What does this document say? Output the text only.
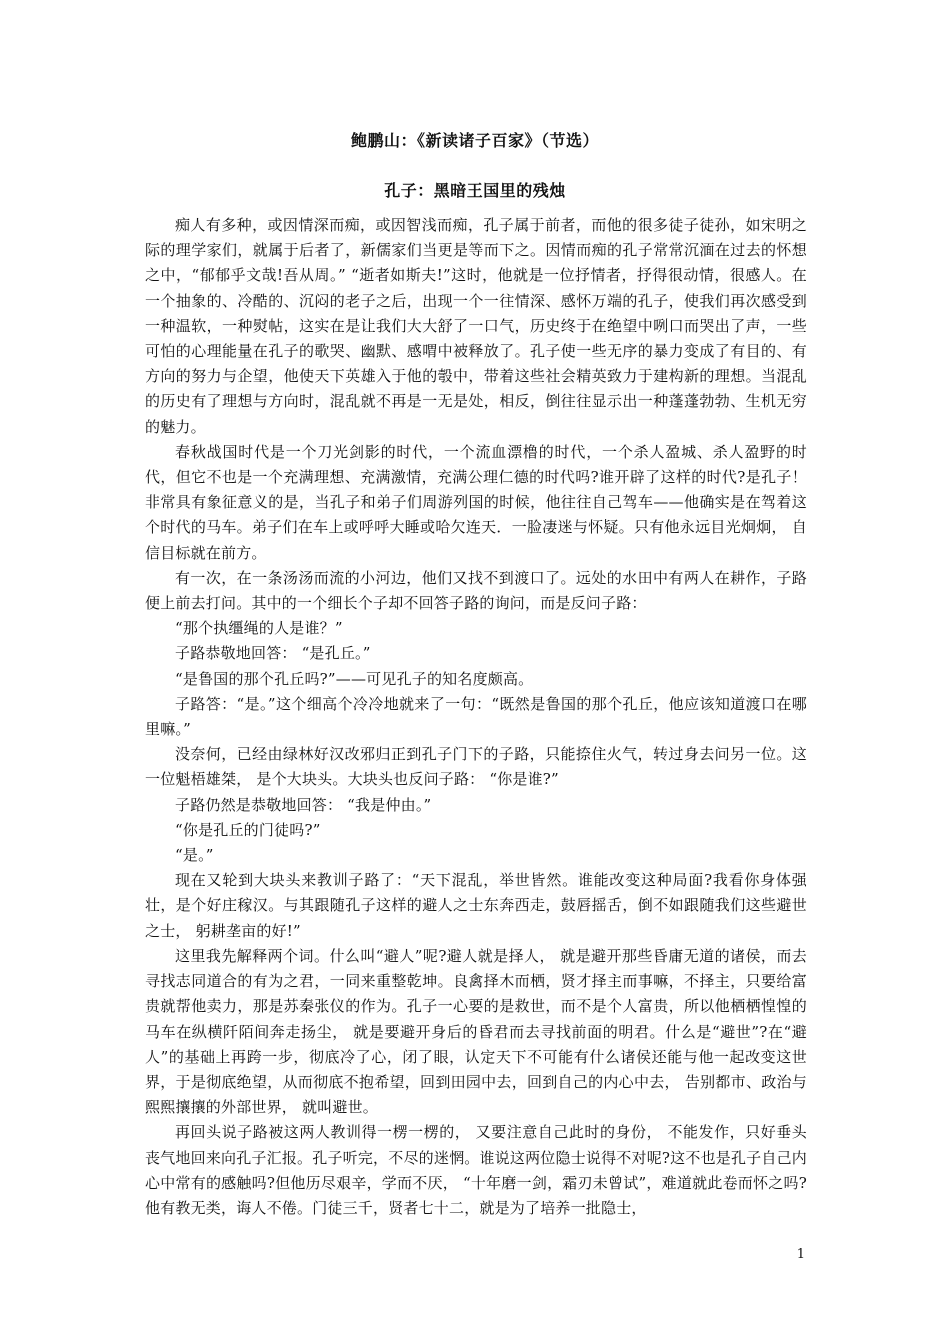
鲍鹏山：《新读诸子百家》（节选）
孔子：黑暗王国里的残烛

痴人有多种，或因情深而痴，或因智浅而痴，孔子属于前者，而他的很多徒子徒孙，如宋明之际的理学家们，就属于后者了，新儒家们当更是等而下之。因情而痴的孔子常常沉湎在过去的怀想之中，“郁郁乎文哉!吾从周。” “逝者如斯夫!”这时，他就是一位抒情者，抒得很动情，很感人。在一个抽象的、冷酷的、沉闷的老子之后，出现一个一往情深、感怀万端的孔子，使我们再次感受到一种温软，一种熨帖，这实在是让我们大大舒了一口气，历史终于在绝望中咧口而哭出了声，一些可怕的心理能量在孔子的歌哭、幽默、感喟中被释放了。孔子使一些无序的暴力变成了有目的、有方向的努力与企望，他使天下英雄入于他的彀中，带着这些社会精英致力于建构新的理想。当混乱的历史有了理想与方向时，混乱就不再是一无是处，相反，倒往往显示出一种蓬蓬勃勃、生机无穷的魅力。

春秋战国时代是一个刀光剑影的时代，一个流血漂橹的时代，一个杀人盈城、杀人盈野的时代，但它不也是一个充满理想、充满激情，充满公理仁德的时代吗?谁开辟了这样的时代?是孔子！ 非常具有象征意义的是，当孔子和弟子们周游列国的时候，他往往自己驾车——他确实是在驾着这个时代的马车。弟子们在车上或呼呼大睡或哈欠连天．一脸凄迷与怀疑。只有他永远目光炯炯， 自信目标就在前方。

有一次，在一条汤汤而流的小河边，他们又找不到渡口了。远处的水田中有两人在耕作，子路便上前去打问。其中的一个细长个子却不回答子路的询问，而是反问子路：

“那个执缰绳的人是谁？”

子路恭敬地回答： “是孔丘。”

“是鲁国的那个孔丘吗?”——可见孔子的知名度颇高。

子路答：“是。”这个细高个冷冷地就来了一句：“既然是鲁国的那个孔丘，他应该知道渡口在哪里嘛。”

没奈何，已经由绿林好汉改邪归正到孔子门下的子路，只能捺住火气，转过身去问另一位。这一位魁梧雄桀， 是个大块头。大块头也反问子路： “你是谁?”

子路仍然是恭敬地回答： “我是仲由。”

“你是孔丘的门徒吗?”

“是。”

现在又轮到大块头来教训子路了：“天下混乱，举世皆然。谁能改变这种局面?我看你身体强壮，是个好庄稼汉。与其跟随孔子这样的避人之士东奔西走，鼓唇摇舌，倒不如跟随我们这些避世之士， 躬耕垄亩的好!”

这里我先解释两个词。什么叫“避人”呢?避人就是择人， 就是避开那些昏庸无道的诸侯，而去寻找志同道合的有为之君，一同来重整乾坤。良禽择木而栖，贤才择主而事嘛，不择主，只要给富贵就帮他卖力，那是苏秦张仪的作为。孔子一心要的是救世，而不是个人富贵，所以他栖栖惶惶的马车在纵横阡陌间奔走扬尘， 就是要避开身后的昏君而去寻找前面的明君。什么是“避世”?在“避人”的基础上再跨一步，彻底冷了心，闭了眼，认定天下不可能有什么诸侯还能与他一起改变这世界，于是彻底绝望，从而彻底不抱希望，回到田园中去，回到自己的内心中去， 告别都市、政治与熙熙攘攘的外部世界， 就叫避世。

再回头说子路被这两人教训得一楞一楞的， 又要注意自己此时的身份， 不能发作，只好垂头丧气地回来向孔子汇报。孔子听完，不尽的迷惘。谁说这两位隐士说得不对呢?这不也是孔子自己内心中常有的感触吗?但他历尽艰辛，学而不厌， “十年磨一剑，霜刃未曾试”，难道就此卷而怀之吗?他有教无类，诲人不倦。门徒三千，贤者七十二，就是为了培养一批隐士，

1
